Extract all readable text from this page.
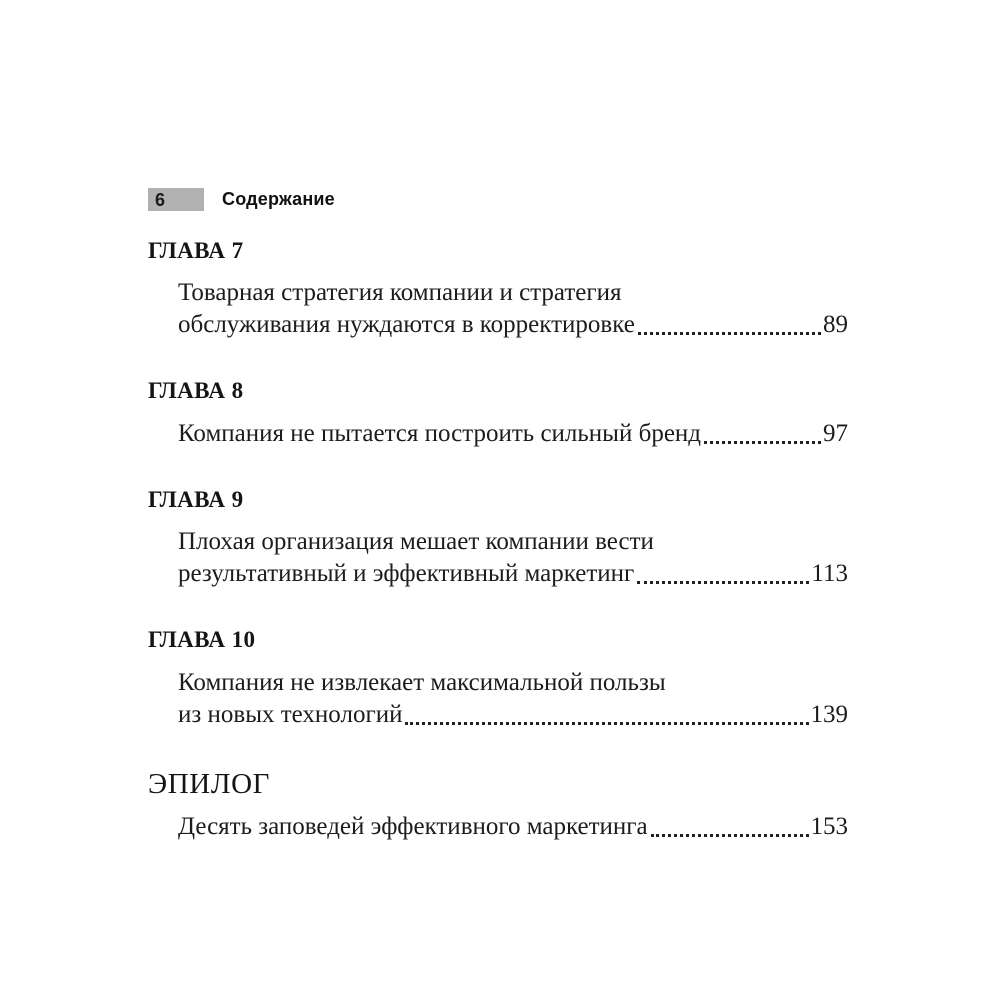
6	Содержание
ГЛАВА 7
Товарная стратегия компании и стратегия
обслуживания нуждаются в корректировке	89
ГЛАВА 8
Компания не пытается построить сильный бренд	97
ГЛАВА 9
Плохая организация мешает компании вести
результативный и эффективный маркетинг	113
ГЛАВА 10
Компания не извлекает максимальной пользы
из новых технологий	139
ЭПИЛОГ
Десять заповедей эффективного маркетинга	153
